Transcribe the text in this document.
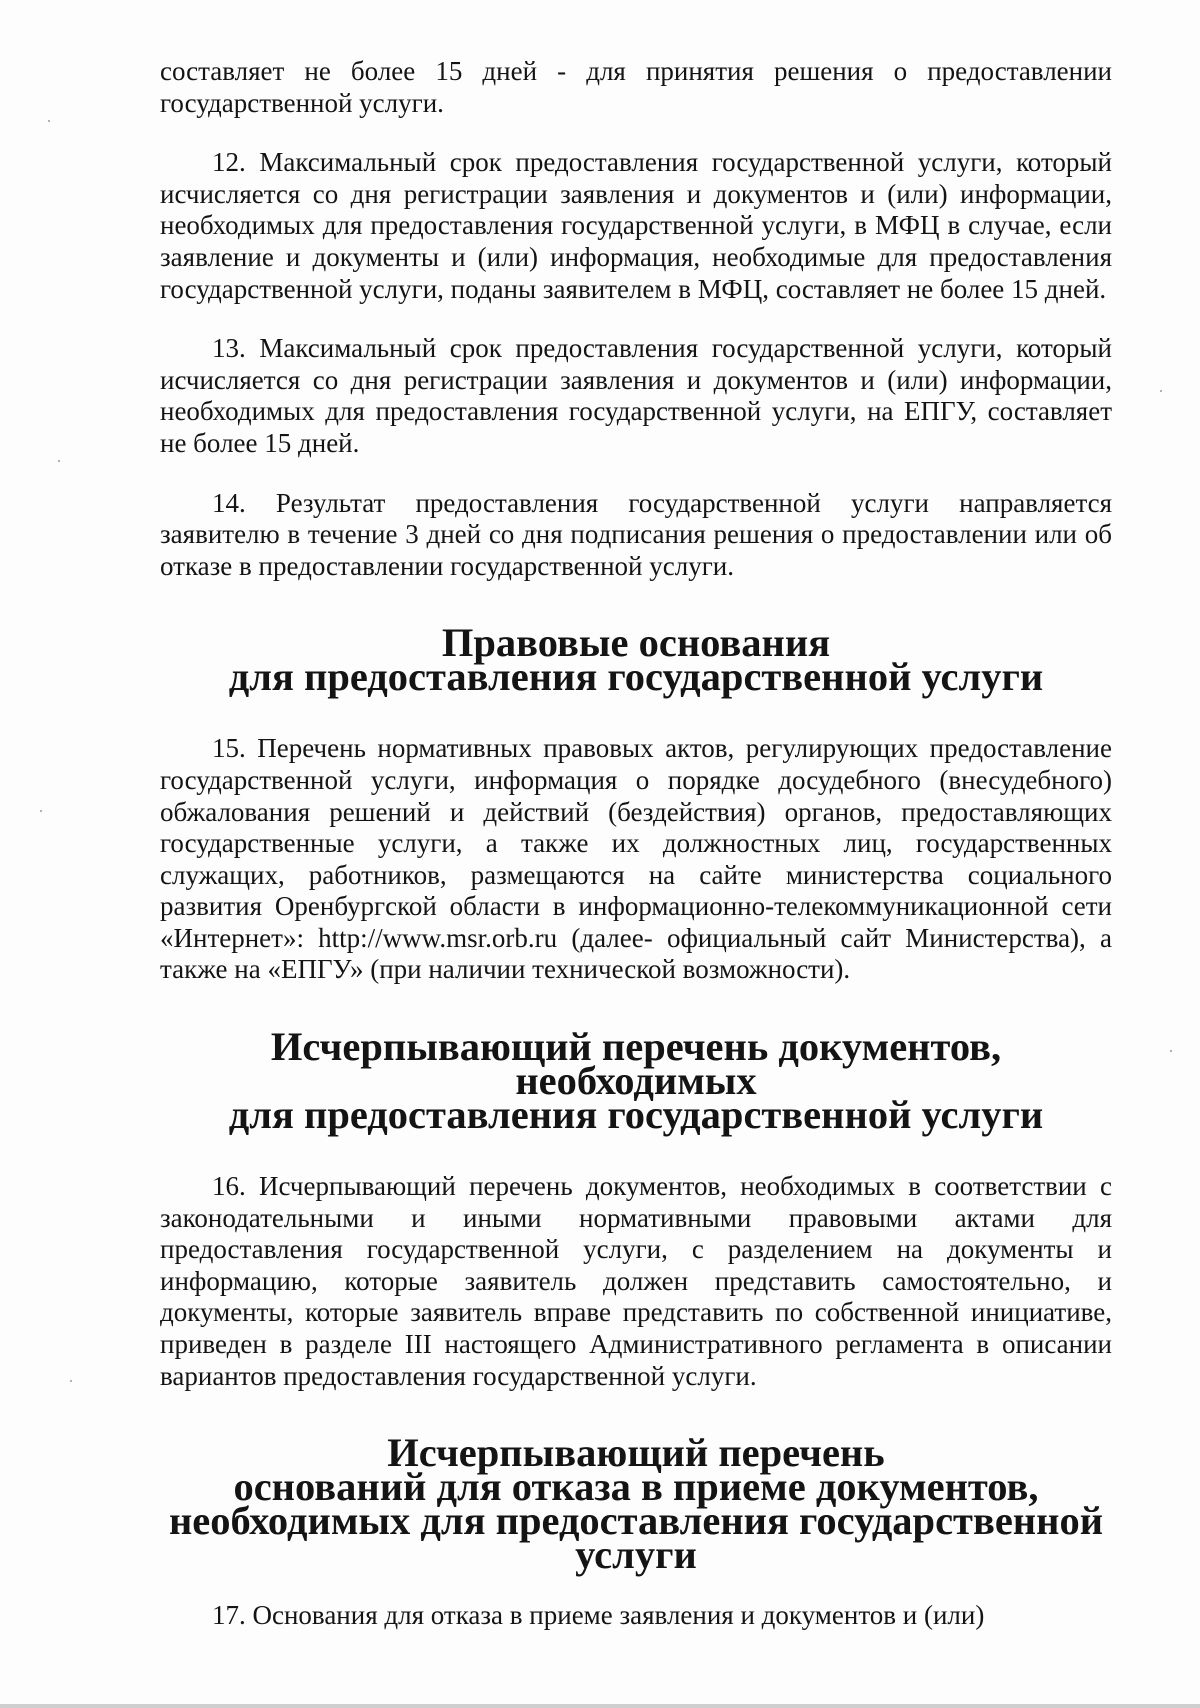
составляет не более 15 дней - для принятия решения о предоставлении государственной услуги.

12. Максимальный срок предоставления государственной услуги, который исчисляется со дня регистрации заявления и документов и (или) информации, необходимых для предоставления государственной услуги, в МФЦ в случае, если заявление и документы и (или) информация, необходимые для предоставления государственной услуги, поданы заявителем в МФЦ, составляет не более 15 дней.

13. Максимальный срок предоставления государственной услуги, который исчисляется со дня регистрации заявления и документов и (или) информации, необходимых для предоставления государственной услуги, на ЕПГУ, составляет не более 15 дней.

14. Результат предоставления государственной услуги направляется заявителю в течение 3 дней со дня подписания решения о предоставлении или об отказе в предоставлении государственной услуги.

Правовые основания
для предоставления государственной услуги

15. Перечень нормативных правовых актов, регулирующих предоставление государственной услуги, информация о порядке досудебного (внесудебного) обжалования решений и действий (бездействия) органов, предоставляющих государственные услуги, а также их должностных лиц, государственных служащих, работников, размещаются на сайте министерства социального развития Оренбургской области в информационно-телекоммуникационной сети «Интернет»: http://www.msr.orb.ru (далее- официальный сайт Министерства), а также на «ЕПГУ» (при наличии технической возможности).

Исчерпывающий перечень документов, необходимых
для предоставления государственной услуги

16. Исчерпывающий перечень документов, необходимых в соответствии с законодательными и иными нормативными правовыми актами для предоставления государственной услуги, с разделением на документы и информацию, которые заявитель должен представить самостоятельно, и документы, которые заявитель вправе представить по собственной инициативе, приведен в разделе III настоящего Административного регламента в описании вариантов предоставления государственной услуги.

Исчерпывающий перечень
оснований для отказа в приеме документов,
необходимых для предоставления государственной услуги

17. Основания для отказа в приеме заявления и документов и (или)
